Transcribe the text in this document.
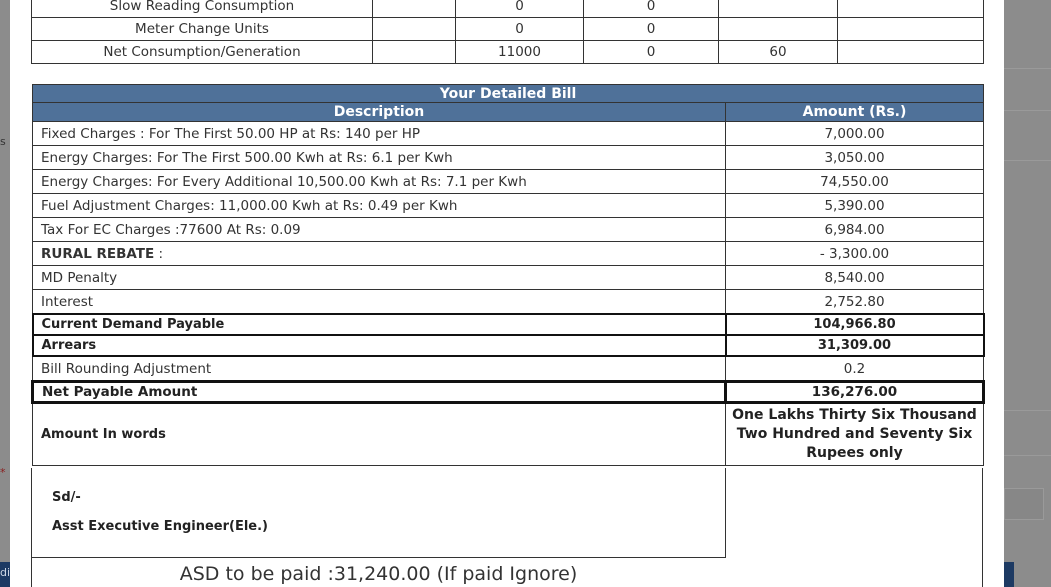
s
*
di
Slow Reading Consumption		0	0		
Meter Change Units		0	0		
Net Consumption/Generation		11000	0	60	
Your Detailed Bill	
Description	Amount (Rs.)
Fixed Charges : For The First 50.00 HP at Rs: 140 per HP	7,000.00
Energy Charges: For The First 500.00 Kwh at Rs: 6.1 per Kwh	3,050.00
Energy Charges: For Every Additional 10,500.00 Kwh at Rs: 7.1 per Kwh	74,550.00
Fuel Adjustment Charges: 11,000.00 Kwh at Rs: 0.49 per Kwh	5,390.00
Tax For EC Charges :77600 At Rs: 0.09	6,984.00
RURAL REBATE :	- 3,300.00
MD Penalty	8,540.00
Interest	2,752.80
Current Demand Payable	104,966.80
Arrears	31,309.00
Bill Rounding Adjustment	0.2
Net Payable Amount	136,276.00
Amount In words	One Lakhs Thirty Six Thousand Two Hundred and Seventy Six Rupees only
Sd/-
Asst Executive Engineer(Ele.)
ASD to be paid :31,240.00 (If paid Ignore)
